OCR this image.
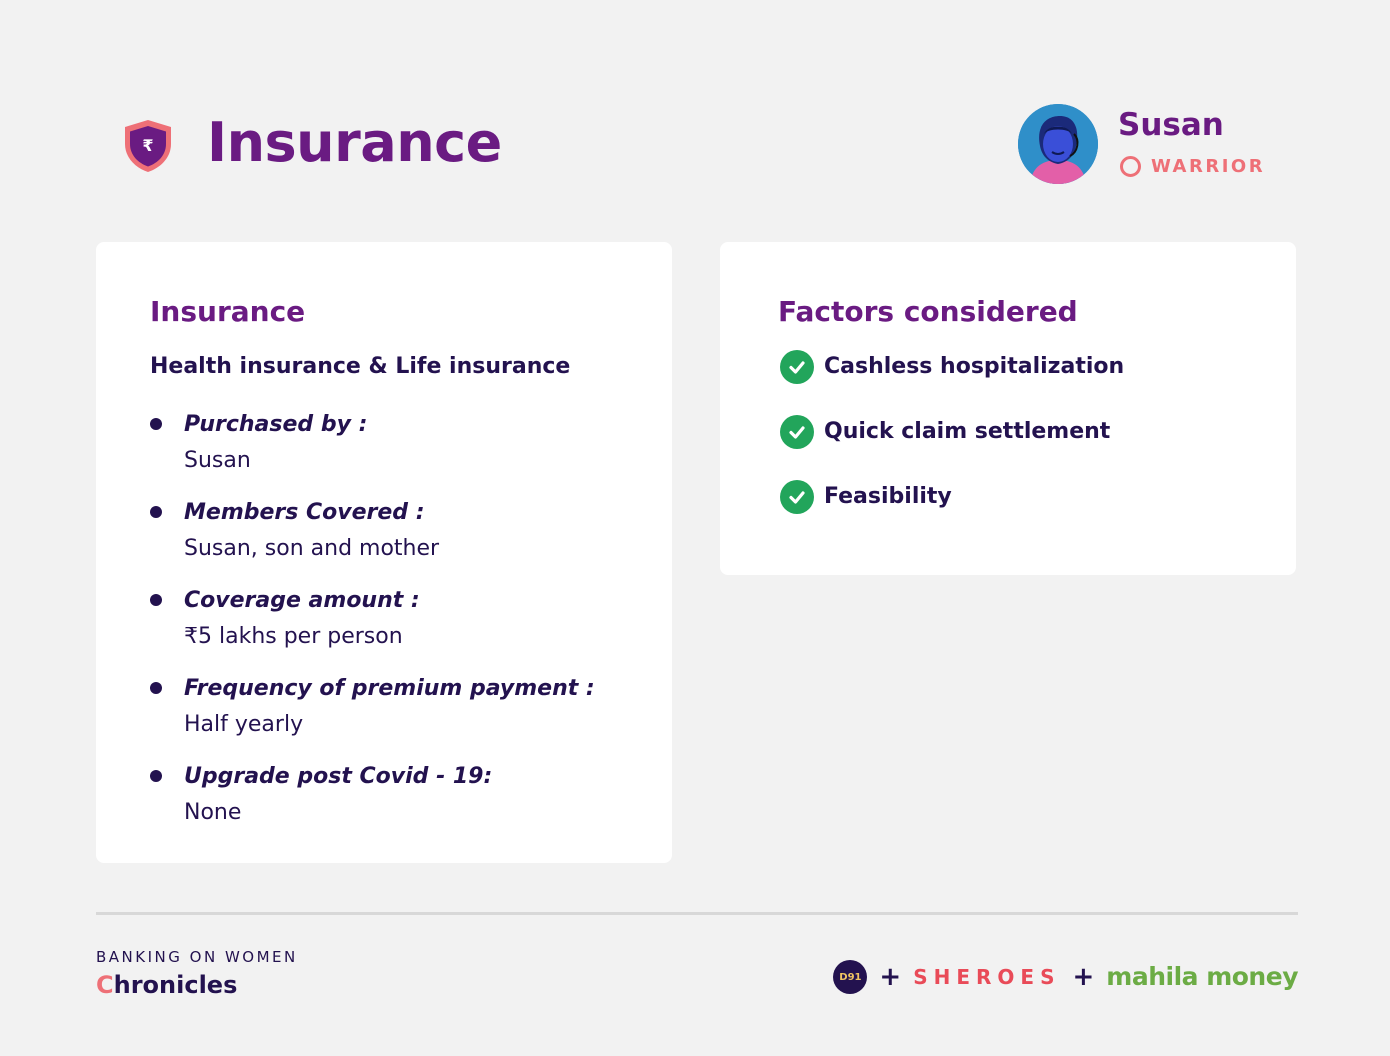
₹ Insurance	Susan
WARRIOR
Insurance
Health insurance & Life insurance
Purchased by :
Susan
Members Covered :
Susan, son and mother
Coverage amount :
₹5 lakhs per person
Frequency of premium payment :
Half yearly
Upgrade post Covid - 19:
None
Factors considered
Cashless hospitalization
Quick claim settlement
Feasibility
BANKING ON WOMEN
Chronicles	D91 + SHEROES + mahila money
